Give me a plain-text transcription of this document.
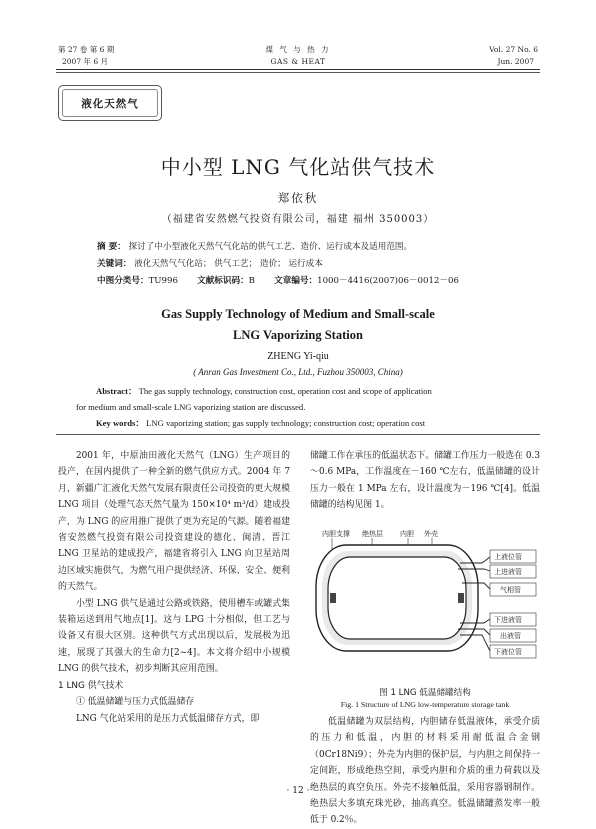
第 27 卷 第 6 期
2007 年 6 月
煤 气 与 热 力
GAS & HEAT
Vol. 27 No. 6
Jun. 2007
液化天然气
中小型 LNG 气化站供气技术
郑依秋
（福建省安然燃气投资有限公司，福建 福州 350003）
摘 要： 探讨了中小型液化天然气气化站的供气工艺、造价、运行成本及适用范围。
关键词： 液化天然气气化站； 供气工艺； 造价； 运行成本
中图分类号：TU996 文献标识码：B 文章编号：1000－4416(2007)06－0012－06
Gas Supply Technology of Medium and Small-scale
LNG Vaporizing Station
ZHENG Yi-qiu
( Anran Gas Investment Co., Ltd., Fuzhou 350003, China)
Abstract： The gas supply technology, construction cost, operation cost and scope of application
for medium and small-scale LNG vaporizing station are discussed.
Key words： LNG vaporizing station; gas supply technology; construction cost; operation cost

2001 年，中原油田液化天然气（LNG）生产项目的投产，在国内提供了一种全新的燃气供应方式。2004 年 7 月，新疆广汇液化天然气发展有限责任公司投资的更大规模 LNG 项目（处理气态天然气量为 150×10⁴ m³/d）建成投产，为 LNG 的应用推广提供了更为充足的气源。随着福建省安然燃气投资有限公司投资建设的德化、闽清、晋江 LNG 卫星站的建成投产，福建省将引入 LNG 向卫星站周边区域实施供气，为燃气用户提供经济、环保、安全、便利的天然气。

小型 LNG 供气是通过公路或铁路，使用槽车或罐式集装箱运送到用气地点[1]。这与 LPG 十分相似，但工艺与设备又有很大区别。这种供气方式出现以后，发展极为迅速，展现了其强大的生命力[2~4]。本文将介绍中小规模 LNG 的供气技术，初步判断其应用范围。

1 LNG 供气技术

① 低温储罐与压力式低温储存

LNG 气化站采用的是压力式低温储存方式，即

储罐工作在承压的低温状态下。储罐工作压力一般选在 0.3～0.6 MPa，工作温度在－160 ℃左右，低温储罐的设计压力一般在 1 MPa 左右，设计温度为－196 ℃[4]。低温储罐的结构见图 1。

内胆支撑 绝热层 内胆 外壳
上液位管
上进液管
气相管
下进液管
出液管
下液位管
图 1 LNG 低温储罐结构
Fig. 1 Structure of LNG low-temperature storage tank

低温储罐为双层结构，内胆储存低温液体，承受介质的压力和低温，内胆的材料采用耐低温合金钢（0Cr18Ni9）；外壳为内胆的保护层，与内胆之间保持一定间距，形成绝热空间，承受内胆和介质的重力荷载以及绝热层的真空负压。外壳不接触低温，采用容器钢制作。绝热层大多填充珠光砂，抽高真空。低温储罐蒸发率一般低于 0.2％。

· 12 ·
